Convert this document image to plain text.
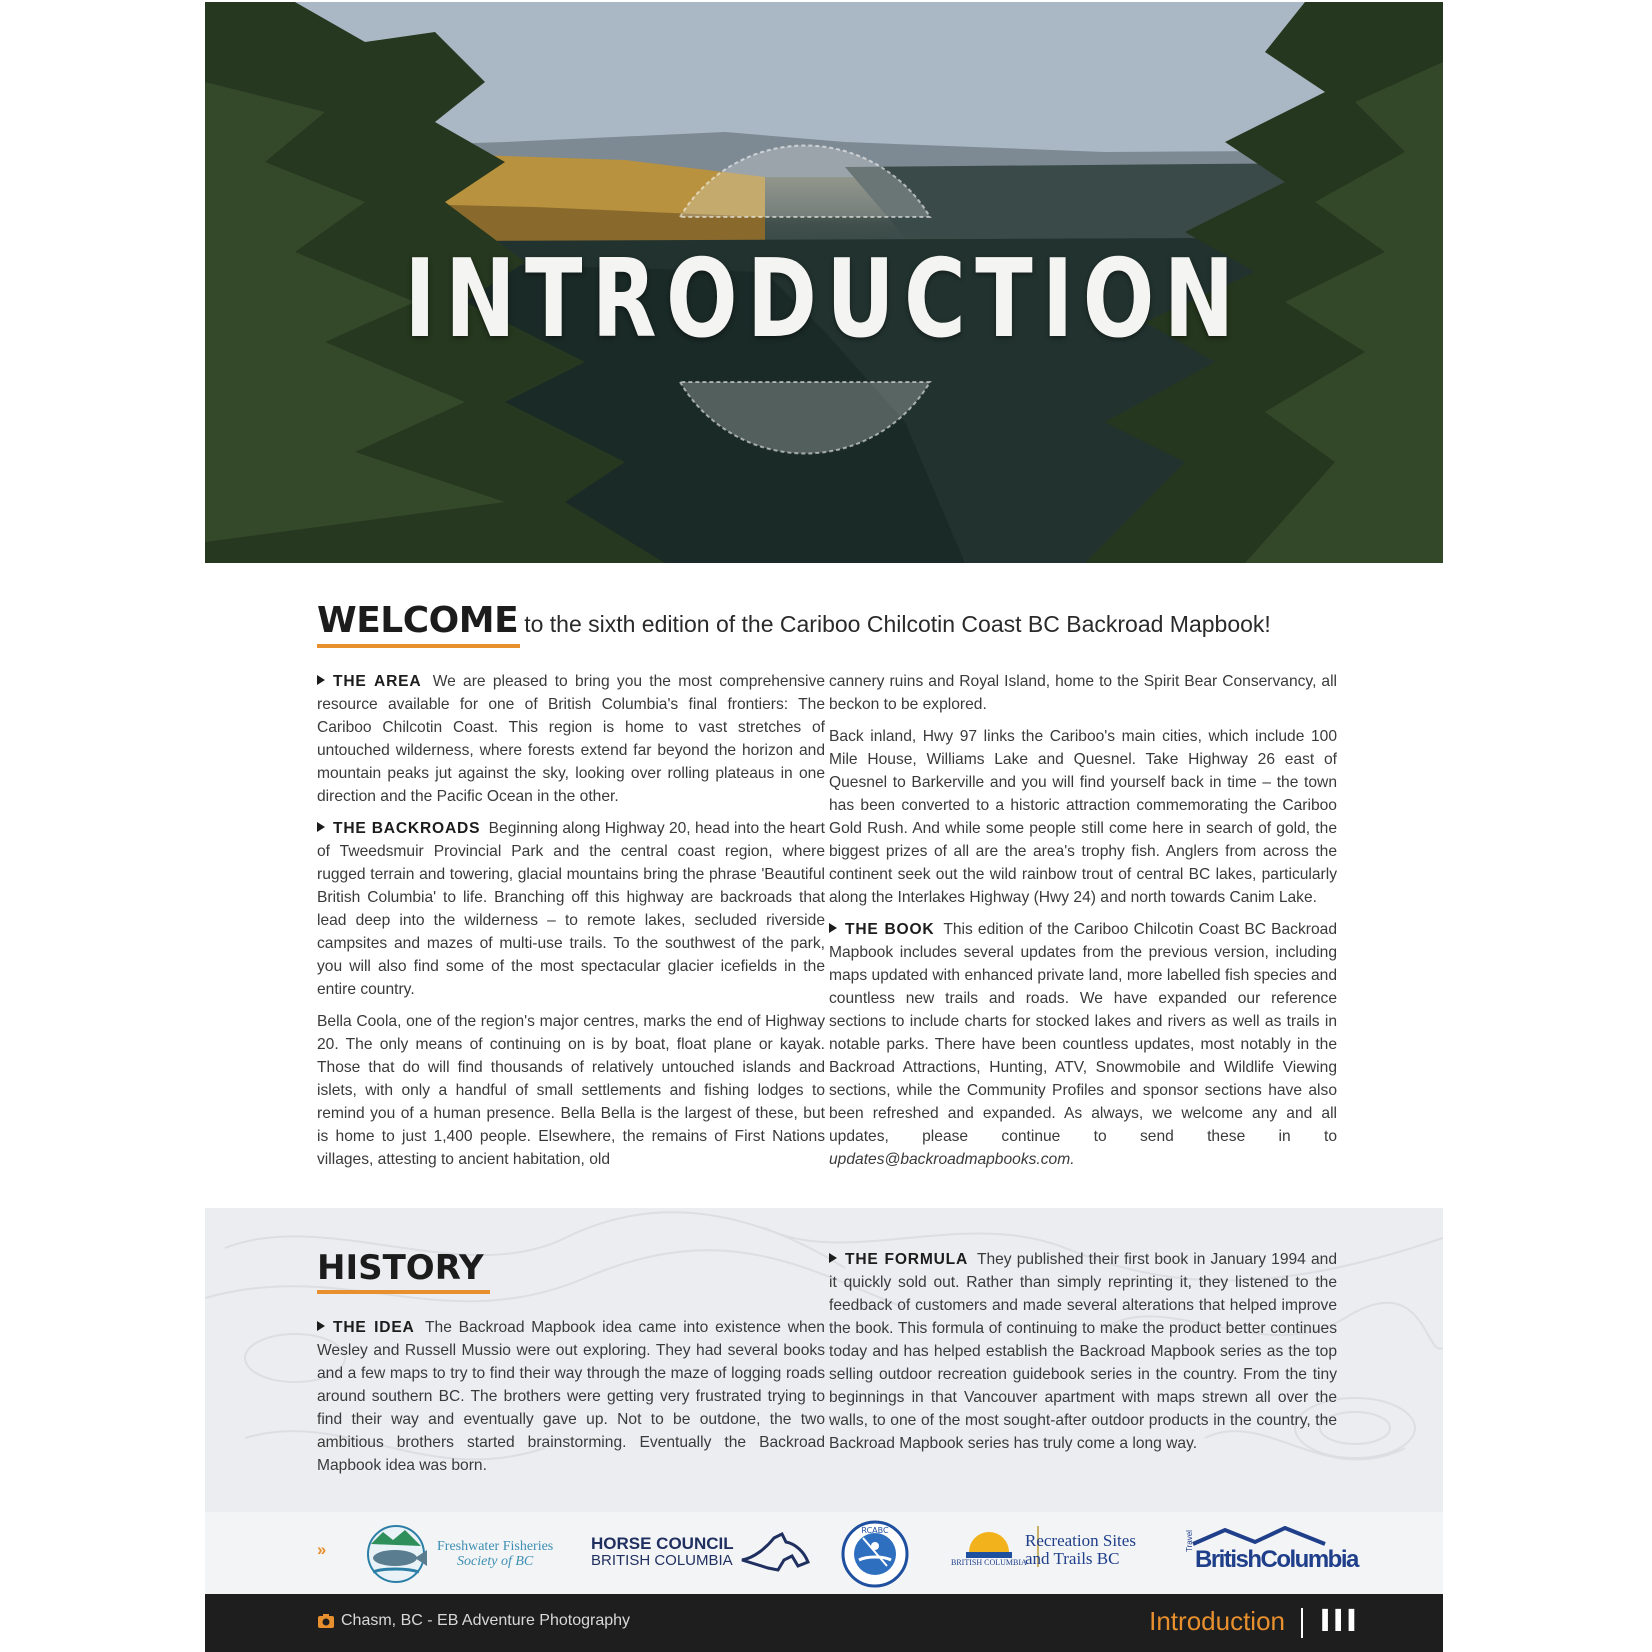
INTRODUCTION
WELCOME to the sixth edition of the Cariboo Chilcotin Coast BC Backroad Mapbook!

THE AREA We are pleased to bring you the most comprehensive resource available for one of British Columbia's final frontiers: The Cariboo Chilcotin Coast. This region is home to vast stretches of untouched wilderness, where forests extend far beyond the horizon and mountain peaks jut against the sky, looking over rolling plateaus in one direction and the Pacific Ocean in the other.

THE BACKROADS Beginning along Highway 20, head into the heart of Tweedsmuir Provincial Park and the central coast region, where rugged terrain and towering, glacial mountains bring the phrase 'Beautiful British Columbia' to life. Branching off this highway are backroads that lead deep into the wilderness – to remote lakes, secluded riverside campsites and mazes of multi-use trails. To the southwest of the park, you will also find some of the most spectacular glacier icefields in the entire country.

Bella Coola, one of the region's major centres, marks the end of Highway 20. The only means of continuing on is by boat, float plane or kayak. Those that do will find thousands of relatively untouched islands and islets, with only a handful of small settlements and fishing lodges to remind you of a human presence. Bella Bella is the largest of these, but is home to just 1,400 people. Elsewhere, the remains of First Nations villages, attesting to ancient habitation, old

cannery ruins and Royal Island, home to the Spirit Bear Conservancy, all beckon to be explored.

Back inland, Hwy 97 links the Cariboo's main cities, which include 100 Mile House, Williams Lake and Quesnel. Take Highway 26 east of Quesnel to Barkerville and you will find yourself back in time – the town has been converted to a historic attraction commemorating the Cariboo Gold Rush. And while some people still come here in search of gold, the biggest prizes of all are the area's trophy fish. Anglers from across the continent seek out the wild rainbow trout of central BC lakes, particularly along the Interlakes Highway (Hwy 24) and north towards Canim Lake.

THE BOOK This edition of the Cariboo Chilcotin Coast BC Backroad Mapbook includes several updates from the previous version, including maps updated with enhanced private land, more labelled fish species and countless new trails and roads. We have expanded our reference sections to include charts for stocked lakes and rivers as well as trails in notable parks. There have been countless updates, most notably in the Backroad Attractions, Hunting, ATV, Snowmobile and Wildlife Viewing sections, while the Community Profiles and sponsor sections have also been refreshed and expanded. As always, we welcome any and all updates, please continue to send these in to updates@backroadmapbooks.com.

HISTORY

THE IDEA The Backroad Mapbook idea came into existence when Wesley and Russell Mussio were out exploring. They had several books and a few maps to try to find their way through the maze of logging roads around southern BC. The brothers were getting very frustrated trying to find their way and eventually gave up. Not to be outdone, the two ambitious brothers started brainstorming. Eventually the Backroad Mapbook idea was born.

THE FORMULA They published their first book in January 1994 and it quickly sold out. Rather than simply reprinting it, they listened to the feedback of customers and made several alterations that helped improve the book. This formula of continuing to make the product better continues today and has helped establish the Backroad Mapbook series as the top selling outdoor recreation guidebook series in the country. From the tiny beginnings in that Vancouver apartment with maps strewn all over the walls, to one of the most sought-after outdoor products in the country, the Backroad Mapbook series has truly come a long way.

››	Freshwater Fisheries
Society of BC
HORSE COUNCIL
BRITISH COLUMBIA
RCABC
BRITISH COLUMBIA
Recreation Sites
and Trails BC
Travel
BritishColumbia
Chasm, BC - EB Adventure Photography	Introduction III
